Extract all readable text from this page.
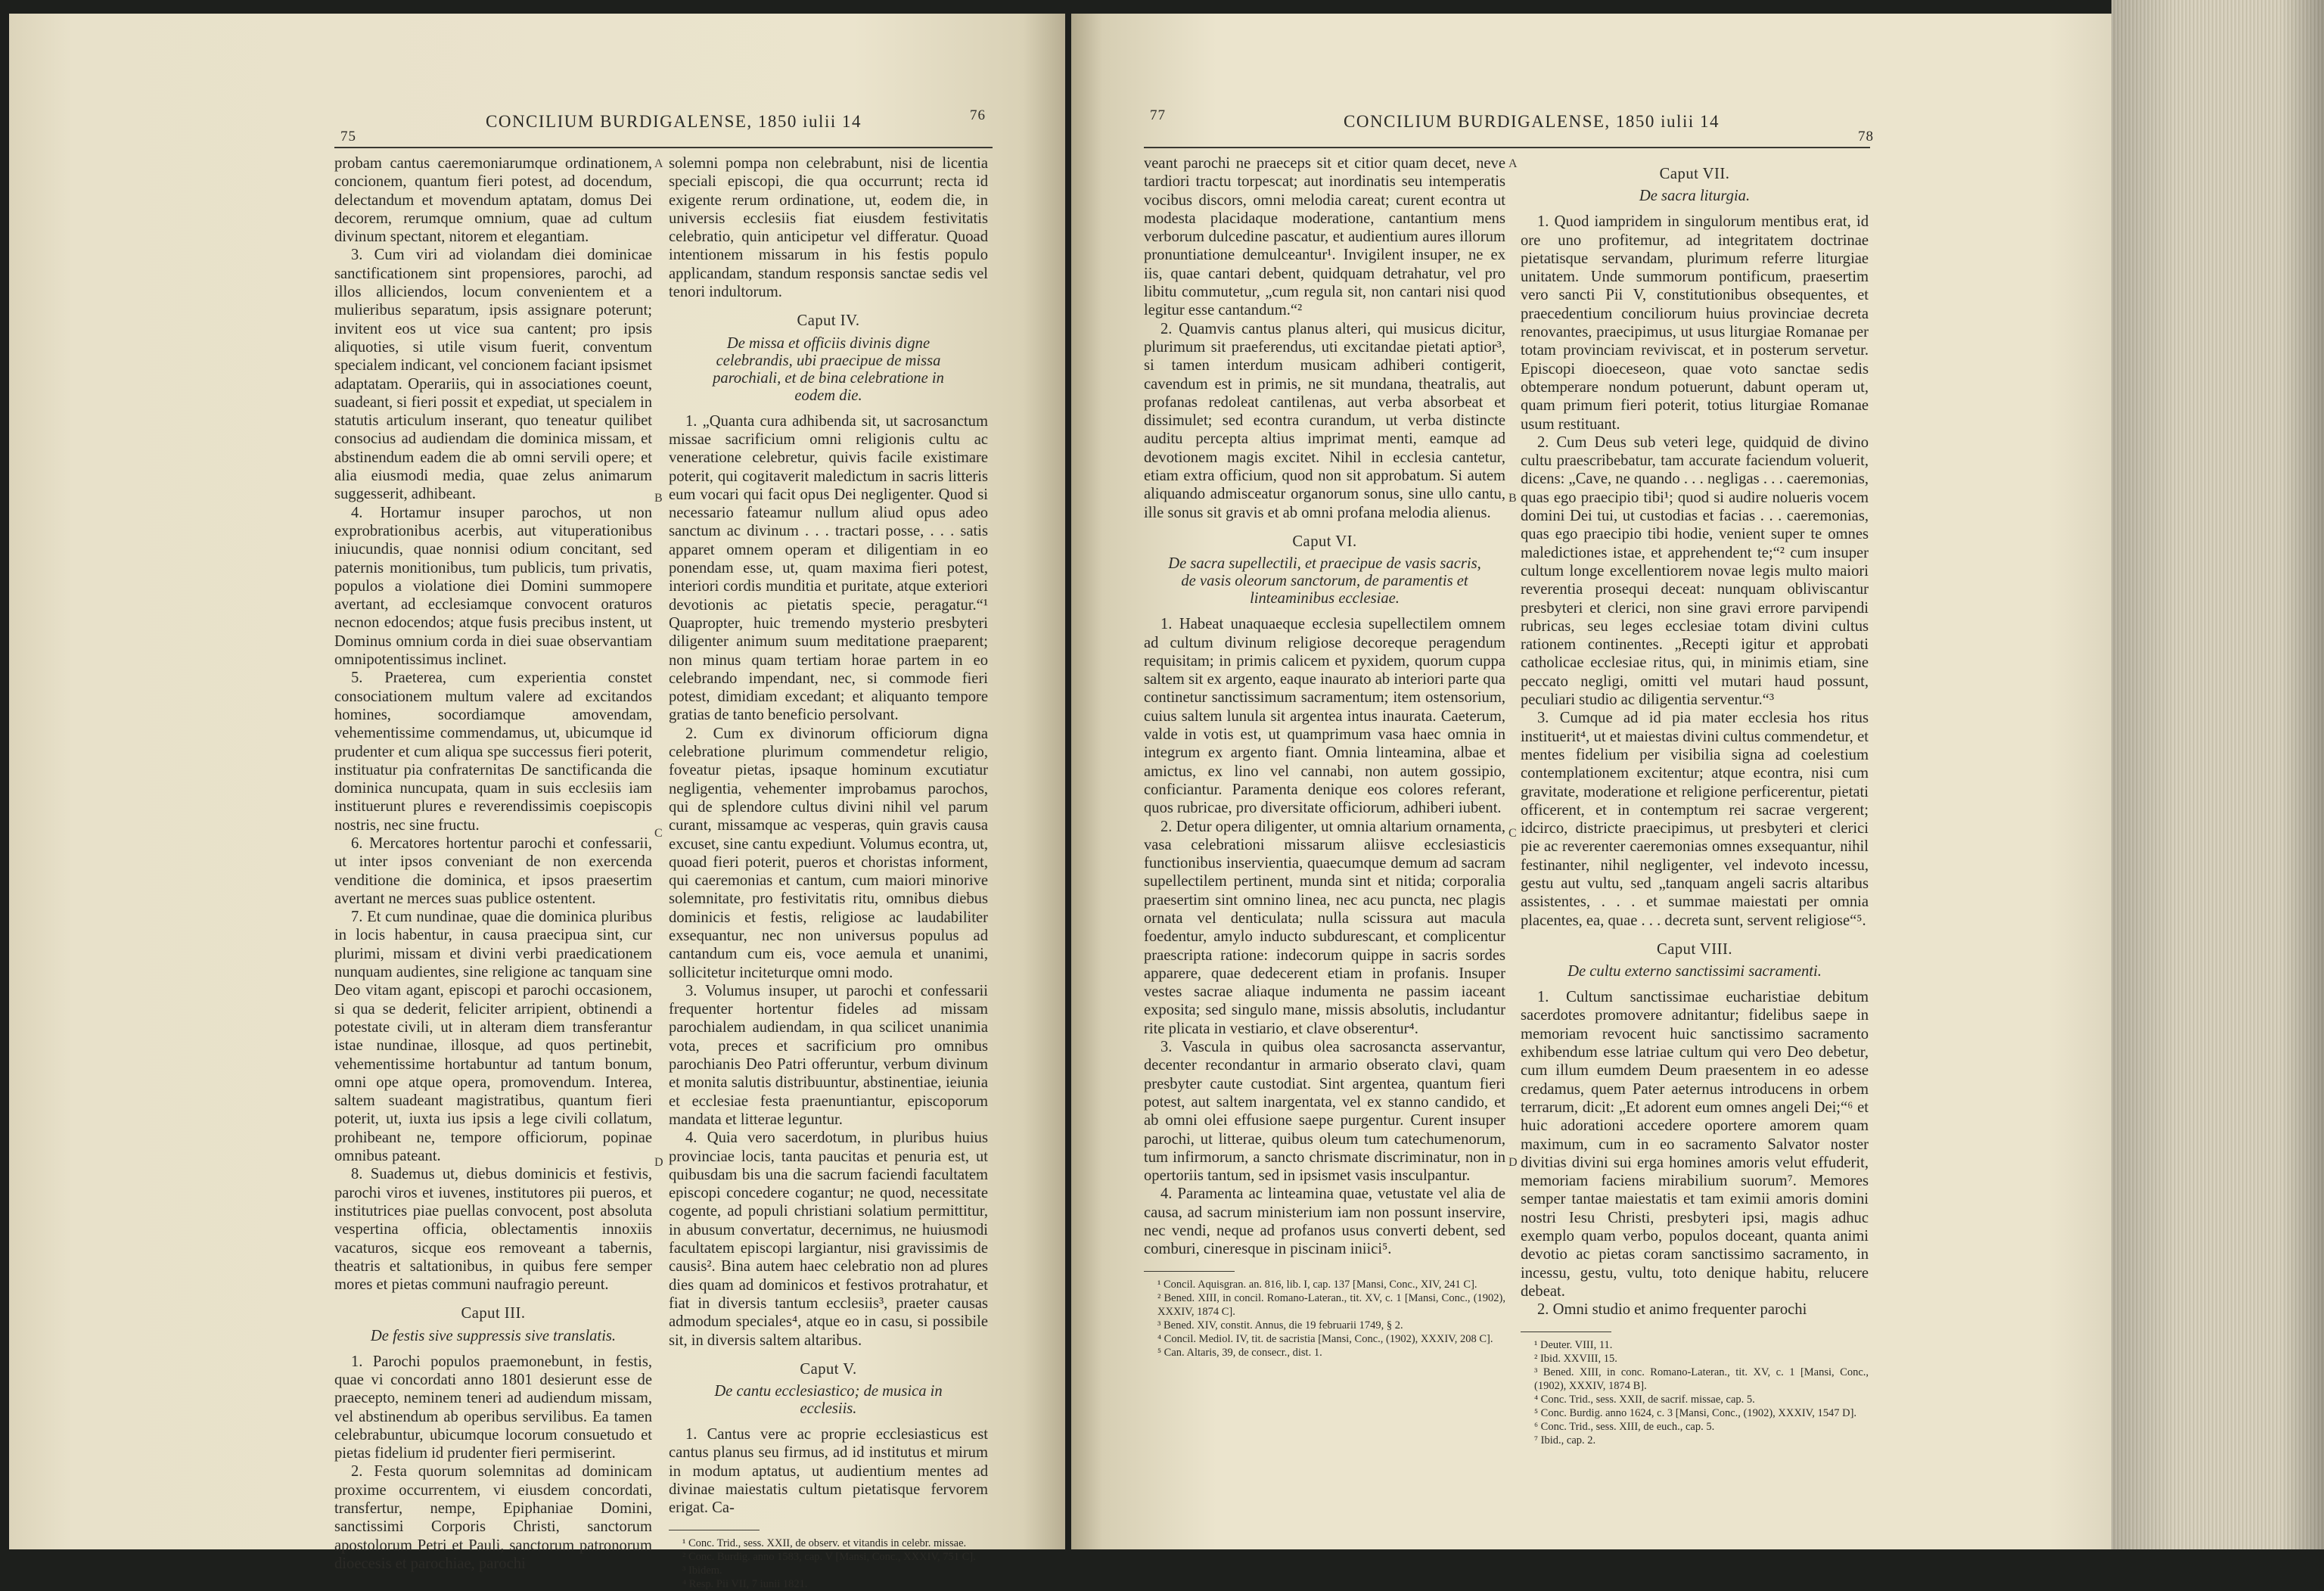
75
CONCILIUM BURDIGALENSE, 1850 iulii 14	76

probam cantus caeremoniarumque ordinationem, concionem, quantum fieri potest, ad docendum, delectandum et movendum aptatam, domus Dei decorem, rerumque omnium, quae ad cultum divinum spectant, nitorem et elegantiam.

3. Cum viri ad violandam diei dominicae sanctificationem sint propensiores, parochi, ad illos alliciendos, locum convenientem et a mulieribus separatum, ipsis assignare poterunt; invitent eos ut vice sua cantent; pro ipsis aliquoties, si utile visum fuerit, conventum specialem indicant, vel concionem faciant ipsismet adaptatam. Operariis, qui in associationes coeunt, suadeant, si fieri possit et expediat, ut specialem in statutis articulum inserant, quo teneatur quilibet consocius ad audiendam die dominica missam, et abstinendum eadem die ab omni servili opere; et alia eiusmodi media, quae zelus animarum suggesserit, adhibeant.

4. Hortamur insuper parochos, ut non exprobrationibus acerbis, aut vituperationibus iniucundis, quae nonnisi odium concitant, sed paternis monitionibus, tum publicis, tum privatis, populos a violatione diei Domini summopere avertant, ad ecclesiamque convocent oraturos necnon edocendos; atque fusis precibus instent, ut Dominus omnium corda in diei suae observantiam omnipotentissimus inclinet.

5. Praeterea, cum experientia constet consociationem multum valere ad excitandos homines, socordiamque amovendam, vehementissime commendamus, ut, ubicumque id prudenter et cum aliqua spe successus fieri poterit, instituatur pia confraternitas De sanctificanda die dominica nuncupata, quam in suis ecclesiis iam instituerunt plures e reverendissimis coepiscopis nostris, nec sine fructu.

6. Mercatores hortentur parochi et confessarii, ut inter ipsos conveniant de non exercenda venditione die dominica, et ipsos praesertim avertant ne merces suas publice ostentent.

7. Et cum nundinae, quae die dominica pluribus in locis habentur, in causa praecipua sint, cur plurimi, missam et divini verbi praedicationem nunquam audientes, sine religione ac tanquam sine Deo vitam agant, episcopi et parochi occasionem, si qua se dederit, feliciter arripient, obtinendi a potestate civili, ut in alteram diem transferantur istae nundinae, illosque, ad quos pertinebit, vehementissime hortabuntur ad tantum bonum, omni ope atque opera, promovendum. Interea, saltem suadeant magistratibus, quantum fieri poterit, ut, iuxta ius ipsis a lege civili collatum, prohibeant ne, tempore officiorum, popinae omnibus pateant.

8. Suademus ut, diebus dominicis et festivis, parochi viros et iuvenes, institutores pii pueros, et institutrices piae puellas convocent, post absoluta vespertina officia, oblectamentis innoxiis vacaturos, sicque eos removeant a tabernis, theatris et saltationibus, in quibus fere semper mores et pietas communi naufragio pereunt.

Caput III.

De festis sive suppressis sive translatis.

1. Parochi populos praemonebunt, in festis, quae vi concordati anno 1801 desierunt esse de praecepto, neminem teneri ad audiendum missam, vel abstinendum ab operibus servilibus. Ea tamen celebrabuntur, ubicumque locorum consuetudo et pietas fidelium id prudenter fieri permiserint.

2. Festa quorum solemnitas ad dominicam proxime occurrentem, vi eiusdem concordati, transfertur, nempe, Epiphaniae Domini, sanctissimi Corporis Christi, sanctorum apostolorum Petri et Pauli, sanctorum patronorum dioecesis et parochiae, parochi

A
B
C
D

solemni pompa non celebrabunt, nisi de licentia speciali episcopi, die qua occurrunt; recta id exigente rerum ordinatione, ut, eodem die, in universis ecclesiis fiat eiusdem festivitatis celebratio, quin anticipetur vel differatur. Quoad intentionem missarum in his festis populo applicandam, standum responsis sanctae sedis vel tenori indultorum.

Caput IV.

De missa et officiis divinis digne celebrandis, ubi praecipue de missa parochiali, et de bina celebratione in eodem die.

1. „Quanta cura adhibenda sit, ut sacrosanctum missae sacrificium omni religionis cultu ac veneratione celebretur, quivis facile existimare poterit, qui cogitaverit maledictum in sacris litteris eum vocari qui facit opus Dei negligenter. Quod si necessario fateamur nullum aliud opus adeo sanctum ac divinum . . . tractari posse, . . . satis apparet omnem operam et diligentiam in eo ponendam esse, ut, quam maxima fieri potest, interiori cordis munditia et puritate, atque exteriori devotionis ac pietatis specie, peragatur.“¹ Quapropter, huic tremendo mysterio presbyteri diligenter animum suum meditatione praeparent; non minus quam tertiam horae partem in eo celebrando impendant, nec, si commode fieri potest, dimidiam excedant; et aliquanto tempore gratias de tanto beneficio persolvant.

2. Cum ex divinorum officiorum digna celebratione plurimum commendetur religio, foveatur pietas, ipsaque hominum excutiatur negligentia, vehementer improbamus parochos, qui de splendore cultus divini nihil vel parum curant, missamque ac vesperas, quin gravis causa excuset, sine cantu expediunt. Volumus econtra, ut, quoad fieri poterit, pueros et choristas informent, qui caeremonias et cantum, cum maiori minorive solemnitate, pro festivitatis ritu, omnibus diebus dominicis et festis, religiose ac laudabiliter exsequantur, nec non universus populus ad cantandum cum eis, voce aemula et unanimi, sollicitetur inciteturque omni modo.

3. Volumus insuper, ut parochi et confessarii frequenter hortentur fideles ad missam parochialem audiendam, in qua scilicet unanimia vota, preces et sacrificium pro omnibus parochianis Deo Patri offeruntur, verbum divinum et monita salutis distribuuntur, abstinentiae, ieiunia et ecclesiae festa praenuntiantur, episcoporum mandata et litterae leguntur.

4. Quia vero sacerdotum, in pluribus huius provinciae locis, tanta paucitas et penuria est, ut quibusdam bis una die sacrum faciendi facultatem episcopi concedere cogantur; ne quod, necessitate cogente, ad populi christiani solatium permittitur, in abusum convertatur, decernimus, ne huiusmodi facultatem episcopi largiantur, nisi gravissimis de causis². Bina autem haec celebratio non ad plures dies quam ad dominicos et festivos protrahatur, et fiat in diversis tantum ecclesiis³, praeter causas admodum speciales⁴, atque eo in casu, si possibile sit, in diversis saltem altaribus.

Caput V.

De cantu ecclesiastico; de musica in ecclesiis.

1. Cantus vere ac proprie ecclesiasticus est cantus planus seu firmus, ad id institutus et mirum in modum aptatus, ut audientium mentes ad divinae maiestatis cultum pietatisque fervorem erigat. Ca-

¹ Conc. Trid., sess. XXII, de observ. et vitandis in celebr. missae.

² Conc. Burdig. anno 1583, cap. V [Mansi, Conc., XXXIV, 751 C].

³ Ibidem.

⁴ Resp. Pii VII, 7 iunii 1821.

77	CONCILIUM BURDIGALENSE, 1850 iulii 14
78

veant parochi ne praeceps sit et citior quam decet, neve tardiori tractu torpescat; aut inordinatis seu intemperatis vocibus discors, omni melodia careat; curent econtra ut modesta placidaque moderatione, cantantium mens verborum dulcedine pascatur, et audientium aures illorum pronuntiatione demulceantur¹. Invigilent insuper, ne ex iis, quae cantari debent, quidquam detrahatur, vel pro libitu commutetur, „cum regula sit, non cantari nisi quod legitur esse cantandum.“²

2. Quamvis cantus planus alteri, qui musicus dicitur, plurimum sit praeferendus, uti excitandae pietati aptior³, si tamen interdum musicam adhiberi contigerit, cavendum est in primis, ne sit mundana, theatralis, aut profanas redoleat cantilenas, aut verba absorbeat et dissimulet; sed econtra curandum, ut verba distincte auditu percepta altius imprimat menti, eamque ad devotionem magis excitet. Nihil in ecclesia cantetur, etiam extra officium, quod non sit approbatum. Si autem aliquando admisceatur organorum sonus, sine ullo cantu, ille sonus sit gravis et ab omni profana melodia alienus.

Caput VI.

De sacra supellectili, et praecipue de vasis sacris, de vasis oleorum sanctorum, de paramentis et linteaminibus ecclesiae.

1. Habeat unaquaeque ecclesia supellectilem omnem ad cultum divinum religiose decoreque peragendum requisitam; in primis calicem et pyxidem, quorum cuppa saltem sit ex argento, eaque inaurato ab interiori parte qua continetur sanctissimum sacramentum; item ostensorium, cuius saltem lunula sit argentea intus inaurata. Caeterum, valde in votis est, ut quamprimum vasa haec omnia in integrum ex argento fiant. Omnia linteamina, albae et amictus, ex lino vel cannabi, non autem gossipio, conficiantur. Paramenta denique eos colores referant, quos rubricae, pro diversitate officiorum, adhiberi iubent.

2. Detur opera diligenter, ut omnia altarium ornamenta, vasa celebrationi missarum aliisve ecclesiasticis functionibus inservientia, quaecumque demum ad sacram supellectilem pertinent, munda sint et nitida; corporalia praesertim sint omnino linea, nec acu puncta, nec plagis ornata vel denticulata; nulla scissura aut macula foedentur, amylo inducto subdurescant, et complicentur praescripta ratione: indecorum quippe in sacris sordes apparere, quae dedecerent etiam in profanis. Insuper vestes sacrae aliaque indumenta ne passim iaceant exposita; sed singulo mane, missis absolutis, includantur rite plicata in vestiario, et clave obserentur⁴.

3. Vascula in quibus olea sacrosancta asservantur, decenter recondantur in armario obserato clavi, quam presbyter caute custodiat. Sint argentea, quantum fieri potest, aut saltem inargentata, vel ex stanno candido, et ab omni olei effusione saepe purgentur. Curent insuper parochi, ut litterae, quibus oleum tum catechumenorum, tum infirmorum, a sancto chrismate discriminatur, non in opertoriis tantum, sed in ipsismet vasis insculpantur.

4. Paramenta ac linteamina quae, vetustate vel alia de causa, ad sacrum ministerium iam non possunt inservire, nec vendi, neque ad profanos usus converti debent, sed comburi, cineresque in piscinam iniici⁵.

¹ Concil. Aquisgran. an. 816, lib. I, cap. 137 [Mansi, Conc., XIV, 241 C].

² Bened. XIII, in concil. Romano-Lateran., tit. XV, c. 1 [Mansi, Conc., (1902), XXXIV, 1874 C].

³ Bened. XIV, constit. Annus, die 19 februarii 1749, § 2.

⁴ Concil. Mediol. IV, tit. de sacristia [Mansi, Conc., (1902), XXXIV, 208 C].

⁵ Can. Altaris, 39, de consecr., dist. 1.

A
B
C
D

Caput VII.

De sacra liturgia.

1. Quod iampridem in singulorum mentibus erat, id ore uno profitemur, ad integritatem doctrinae pietatisque servandam, plurimum referre liturgiae unitatem. Unde summorum pontificum, praesertim vero sancti Pii V, constitutionibus obsequentes, et praecedentium conciliorum huius provinciae decreta renovantes, praecipimus, ut usus liturgiae Romanae per totam provinciam reviviscat, et in posterum servetur. Episcopi dioeceseon, quae voto sanctae sedis obtemperare nondum potuerunt, dabunt operam ut, quam primum fieri poterit, totius liturgiae Romanae usum restituant.

2. Cum Deus sub veteri lege, quidquid de divino cultu praescribebatur, tam accurate faciendum voluerit, dicens: „Cave, ne quando . . . negligas . . . caeremonias, quas ego praecipio tibi¹; quod si audire nolueris vocem domini Dei tui, ut custodias et facias . . . caeremonias, quas ego praecipio tibi hodie, venient super te omnes maledictiones istae, et apprehendent te;“² cum insuper cultum longe excellentiorem novae legis multo maiori reverentia prosequi deceat: nunquam obliviscantur presbyteri et clerici, non sine gravi errore parvipendi rubricas, seu leges ecclesiae totam divini cultus rationem continentes. „Recepti igitur et approbati catholicae ecclesiae ritus, qui, in minimis etiam, sine peccato negligi, omitti vel mutari haud possunt, peculiari studio ac diligentia serventur.“³

3. Cumque ad id pia mater ecclesia hos ritus instituerit⁴, ut et maiestas divini cultus commendetur, et mentes fidelium per visibilia signa ad coelestium contemplationem excitentur; atque econtra, nisi cum gravitate, moderatione et religione perficerentur, pietati officerent, et in contemptum rei sacrae vergerent; idcirco, districte praecipimus, ut presbyteri et clerici pie ac reverenter caeremonias omnes exsequantur, nihil festinanter, nihil negligenter, vel indevoto incessu, gestu aut vultu, sed „tanquam angeli sacris altaribus assistentes, . . . et summae maiestati per omnia placentes, ea, quae . . . decreta sunt, servent religiose“⁵.

Caput VIII.

De cultu externo sanctissimi sacramenti.

1. Cultum sanctissimae eucharistiae debitum sacerdotes promovere adnitantur; fidelibus saepe in memoriam revocent huic sanctissimo sacramento exhibendum esse latriae cultum qui vero Deo debetur, cum illum eumdem Deum praesentem in eo adesse credamus, quem Pater aeternus introducens in orbem terrarum, dicit: „Et adorent eum omnes angeli Dei;“⁶ et huic adorationi accedere oportere amorem quam maximum, cum in eo sacramento Salvator noster divitias divini sui erga homines amoris velut effuderit, memoriam faciens mirabilium suorum⁷. Memores semper tantae maiestatis et tam eximii amoris domini nostri Iesu Christi, presbyteri ipsi, magis adhuc exemplo quam verbo, populos doceant, quanta animi devotio ac pietas coram sanctissimo sacramento, in incessu, gestu, vultu, toto denique habitu, relucere debeat.

2. Omni studio et animo frequenter parochi

¹ Deuter. VIII, 11.

² Ibid. XXVIII, 15.

³ Bened. XIII, in conc. Romano-Lateran., tit. XV, c. 1 [Mansi, Conc., (1902), XXXIV, 1874 B].

⁴ Conc. Trid., sess. XXII, de sacrif. missae, cap. 5.

⁵ Conc. Burdig. anno 1624, c. 3 [Mansi, Conc., (1902), XXXIV, 1547 D].

⁶ Conc. Trid., sess. XIII, de euch., cap. 5.

⁷ Ibid., cap. 2.
